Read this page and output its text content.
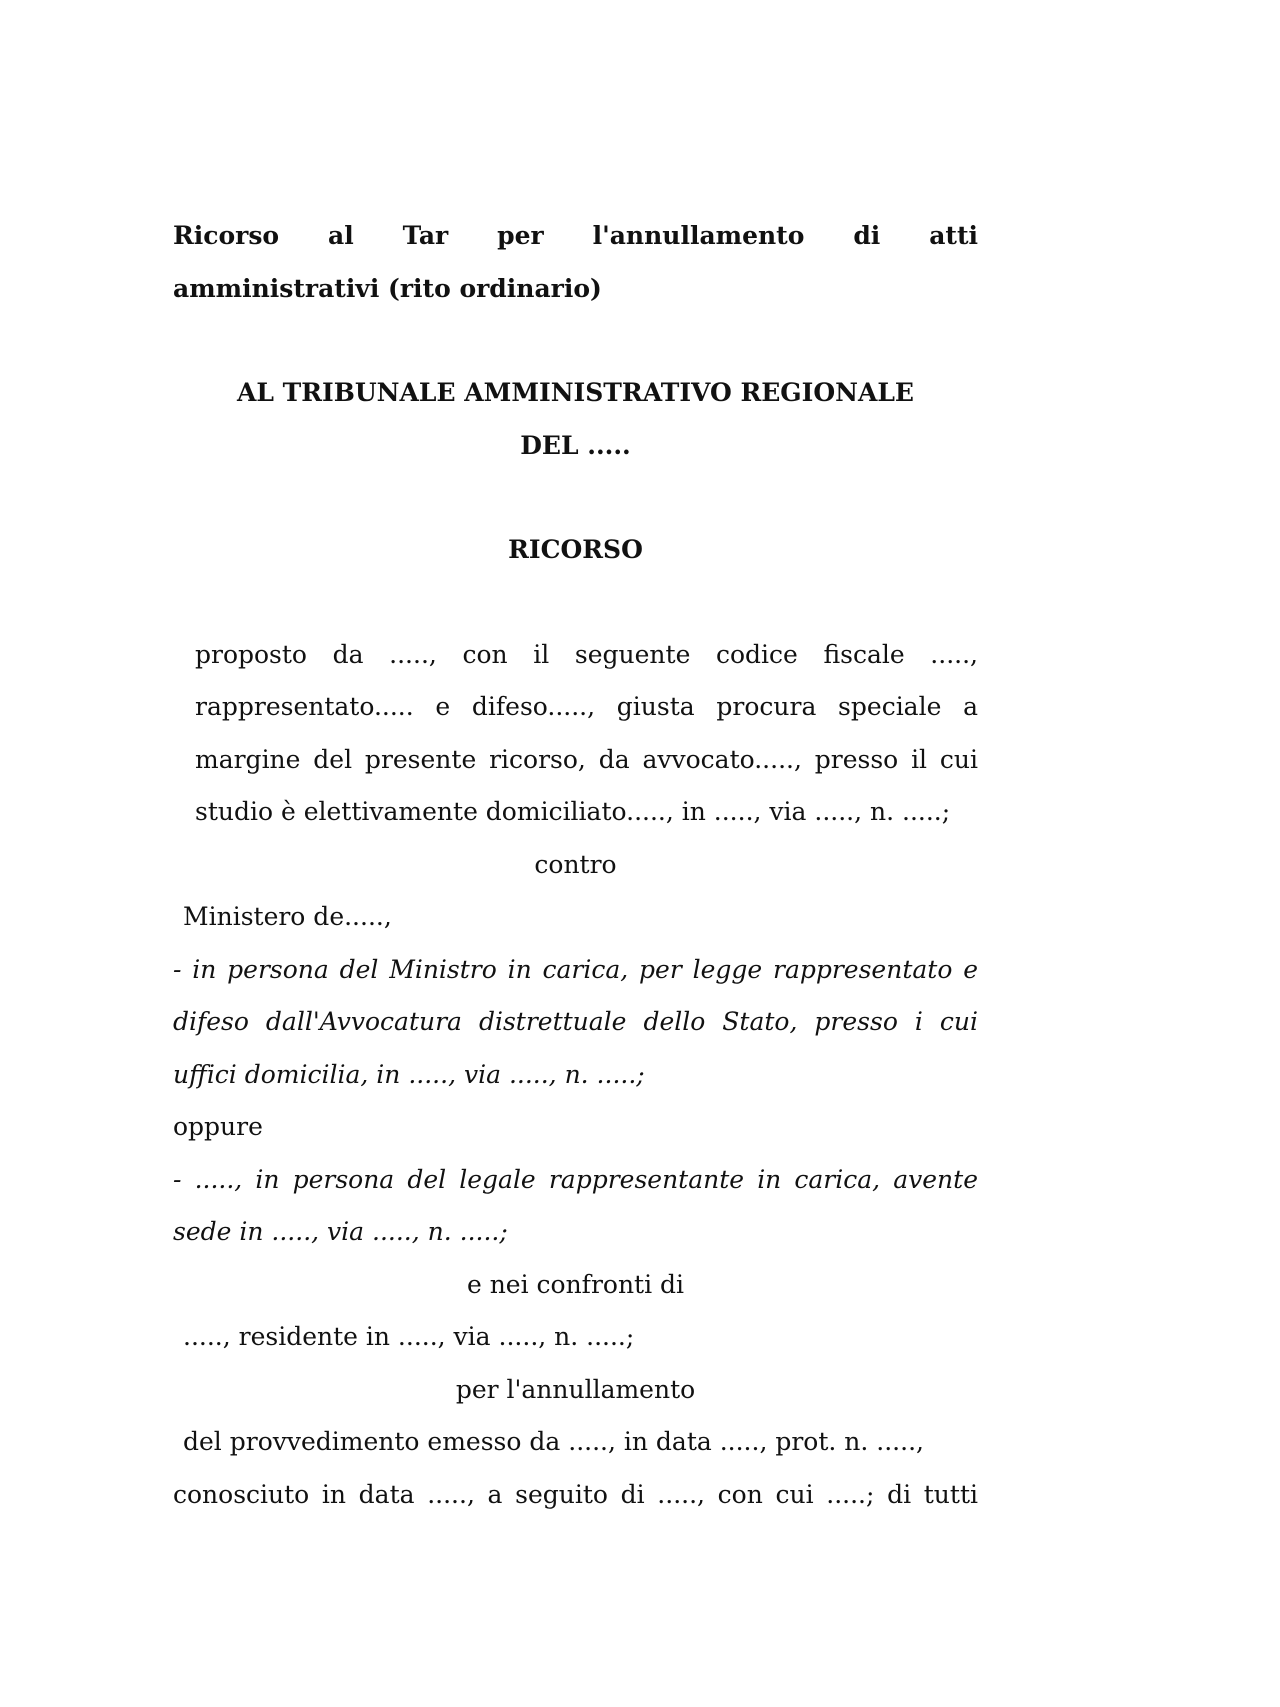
Ricorso al Tar per l'annullamento di atti

amministrativi (rito ordinario)

AL TRIBUNALE AMMINISTRATIVO REGIONALE

DEL .....

RICORSO

proposto da ....., con il seguente codice fiscale ....., rappresentato..... e difeso....., giusta procura speciale a margine del presente ricorso, da avvocato....., presso il cui studio è elettivamente domiciliato....., in ....., via ....., n. .....;

contro

Ministero de.....,

- in persona del Ministro in carica, per legge rappresentato e difeso dall'Avvocatura distrettuale dello Stato, presso i cui uffici domicilia, in ....., via ....., n. .....;

oppure

- ....., in persona del legale rappresentante in carica, avente sede in ....., via ....., n. .....;

e nei confronti di

....., residente in ....., via ....., n. .....;

per l'annullamento

del provvedimento emesso da ....., in data ....., prot. n. .....,

conosciuto in data ....., a seguito di ....., con cui .....; di tutti
